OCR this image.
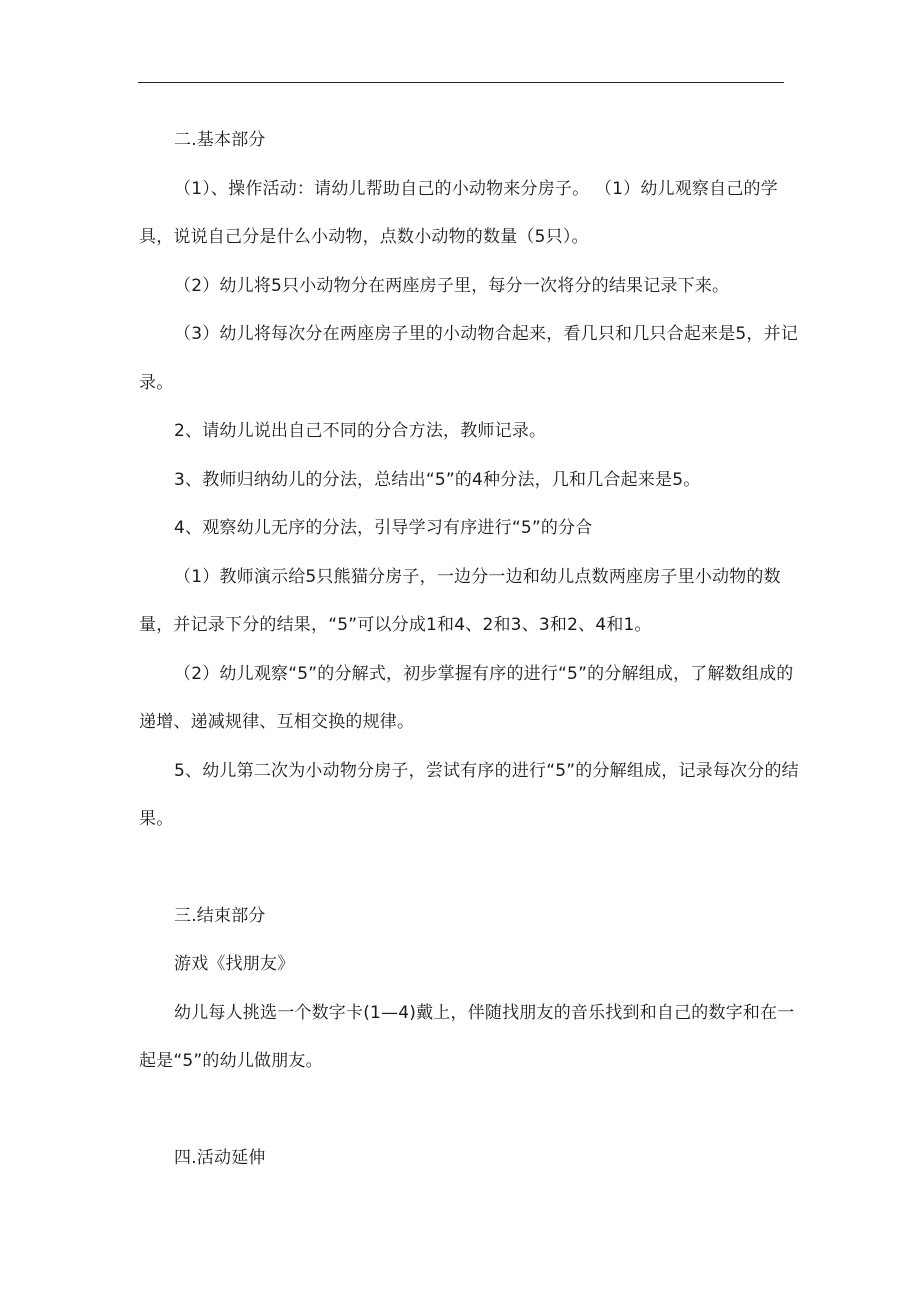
二.基本部分

（1）、操作活动：请幼儿帮助自己的小动物来分房子。 （1）幼儿观察自己的学具，说说自己分是什么小动物，点数小动物的数量（5只）。

（2）幼儿将5只小动物分在两座房子里，每分一次将分的结果记录下来。

（3）幼儿将每次分在两座房子里的小动物合起来，看几只和几只合起来是5，并记录。

2、请幼儿说出自己不同的分合方法，教师记录。

3、教师归纳幼儿的分法，总结出“5”的4种分法，几和几合起来是5。

4、观察幼儿无序的分法，引导学习有序进行“5”的分合

（1）教师演示给5只熊猫分房子，一边分一边和幼儿点数两座房子里小动物的数量，并记录下分的结果，“5”可以分成1和4、2和3、3和2、4和1。

（2）幼儿观察“5”的分解式，初步掌握有序的进行“5”的分解组成，了解数组成的递增、递减规律、互相交换的规律。

5、幼儿第二次为小动物分房子，尝试有序的进行“5”的分解组成，记录每次分的结果。

三.结束部分

游戏《找朋友》

幼儿每人挑选一个数字卡(1—4)戴上，伴随找朋友的音乐找到和自己的数字和在一起是“5”的幼儿做朋友。

四.活动延伸
